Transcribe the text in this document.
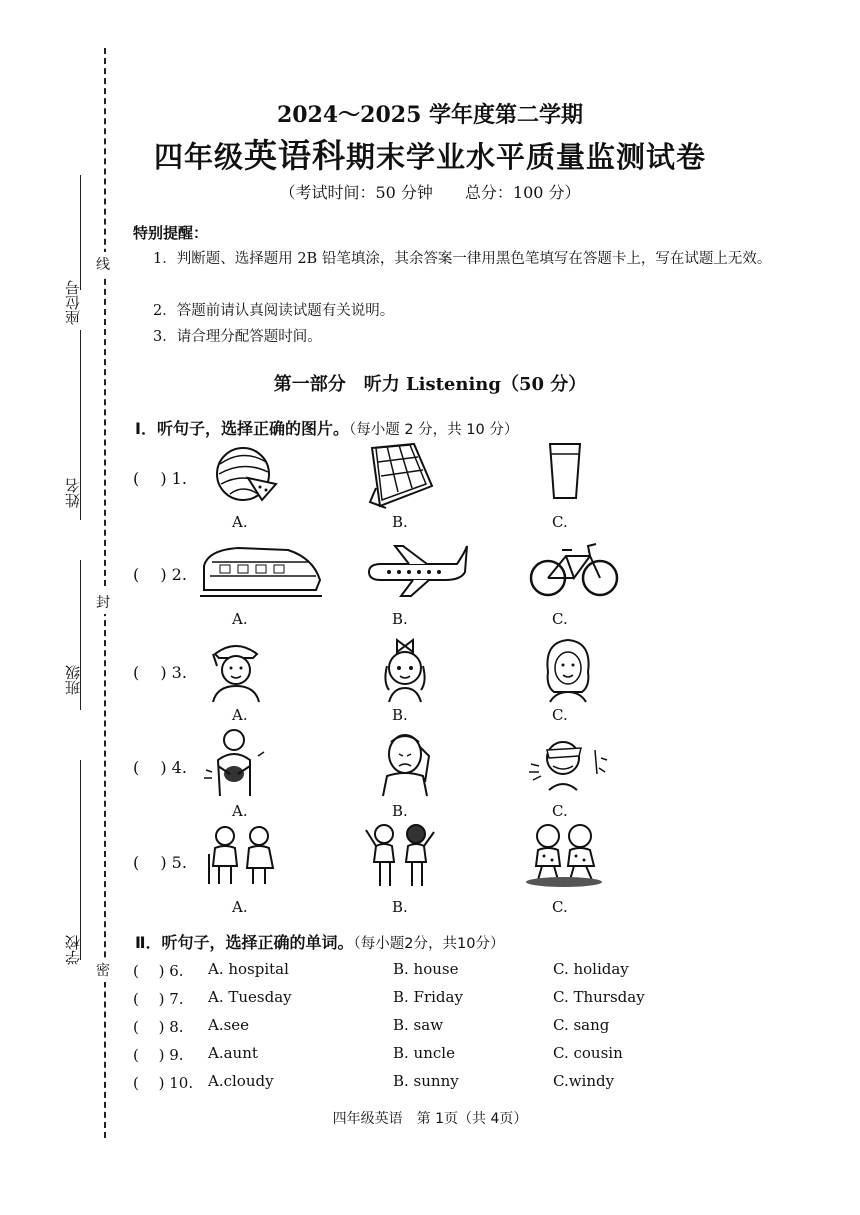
座位号
姓名
班级
学校
线
封
密
2024～2025 学年度第二学期
四年级英语科期末学业水平质量监测试卷
（考试时间：50 分钟　　总分：100 分）
特别提醒：
1．判断题、选择题用 2B 铅笔填涂，其余答案一律用黑色笔填写在答题卡上，写在试题上无效。
2．答题前请认真阅读试题有关说明。
3．请合理分配答题时间。
第一部分　听力 Listening（50 分）
Ⅰ．听句子，选择正确的图片。（每小题 2 分，共 10 分）
(　 ) 1.
A.	B.	C.
(　 ) 2.
A.	B.	C.
(　 ) 3.
A.	B.	C.
(　 ) 4.
A.	B.	C.
(　 ) 5.
A.	B.	C.
Ⅱ．听句子，选择正确的单词。（每小题2分，共10分）
(　 ) 6. A. hospital	B. house	C. holiday
(　 ) 7. A. Tuesday	B. Friday	C. Thursday
(　 ) 8. A.see	B. saw	C. sang
(　 ) 9. A.aunt	B. uncle	C. cousin
(　 ) 10. A.cloudy	B. sunny	C.windy
四年级英语　第 1页（共 4页）
